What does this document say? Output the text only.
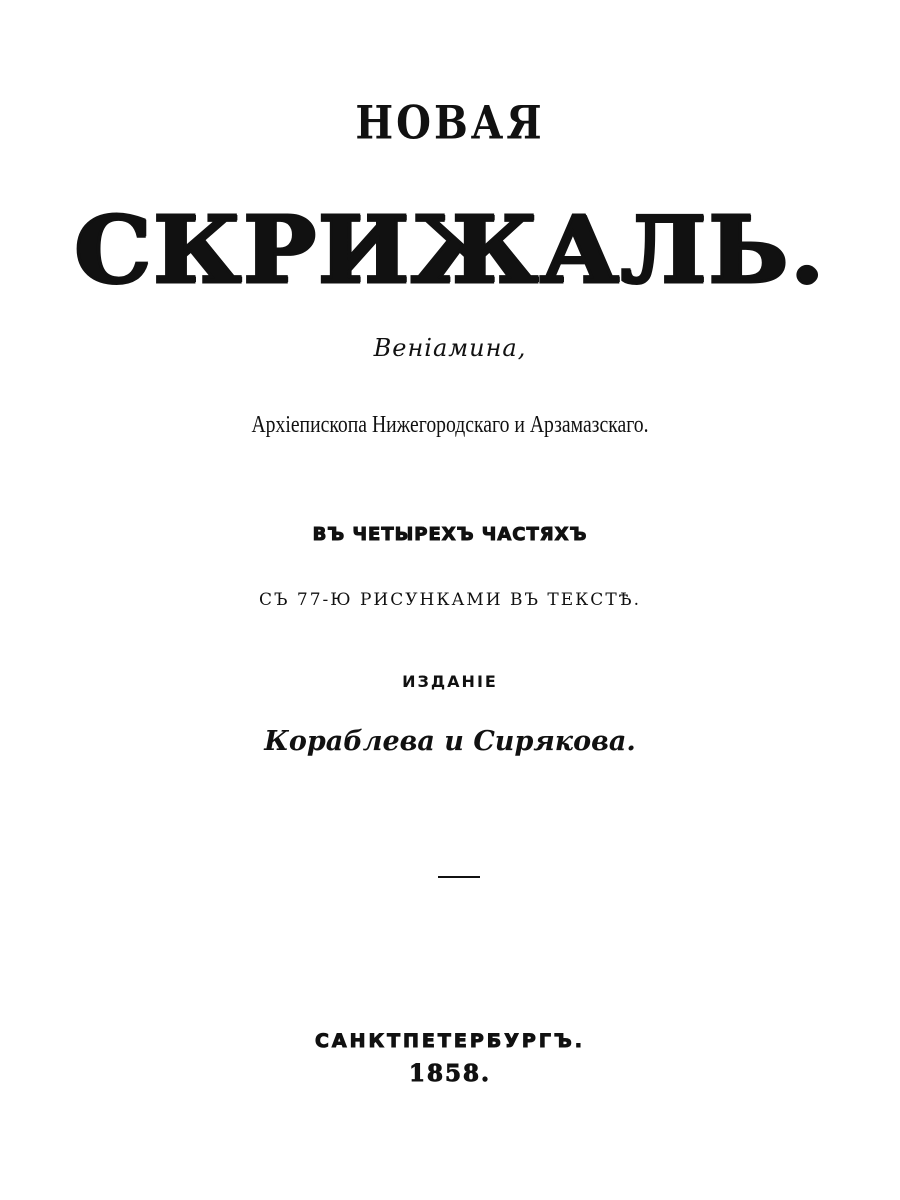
НОВАЯ
СКРИЖАЛЬ.
Веніамина,
Архіепископа Нижегородскаго и Арзамазскаго.
ВЪ ЧЕТЫРЕХЪ ЧАСТЯХЪ
СЪ 77-Ю РИСУНКАМИ ВЪ ТЕКСТѢ.
ИЗДАНІЕ
Кораблева и Сирякова.
САНКТПЕТЕРБУРГЪ.
1858.
